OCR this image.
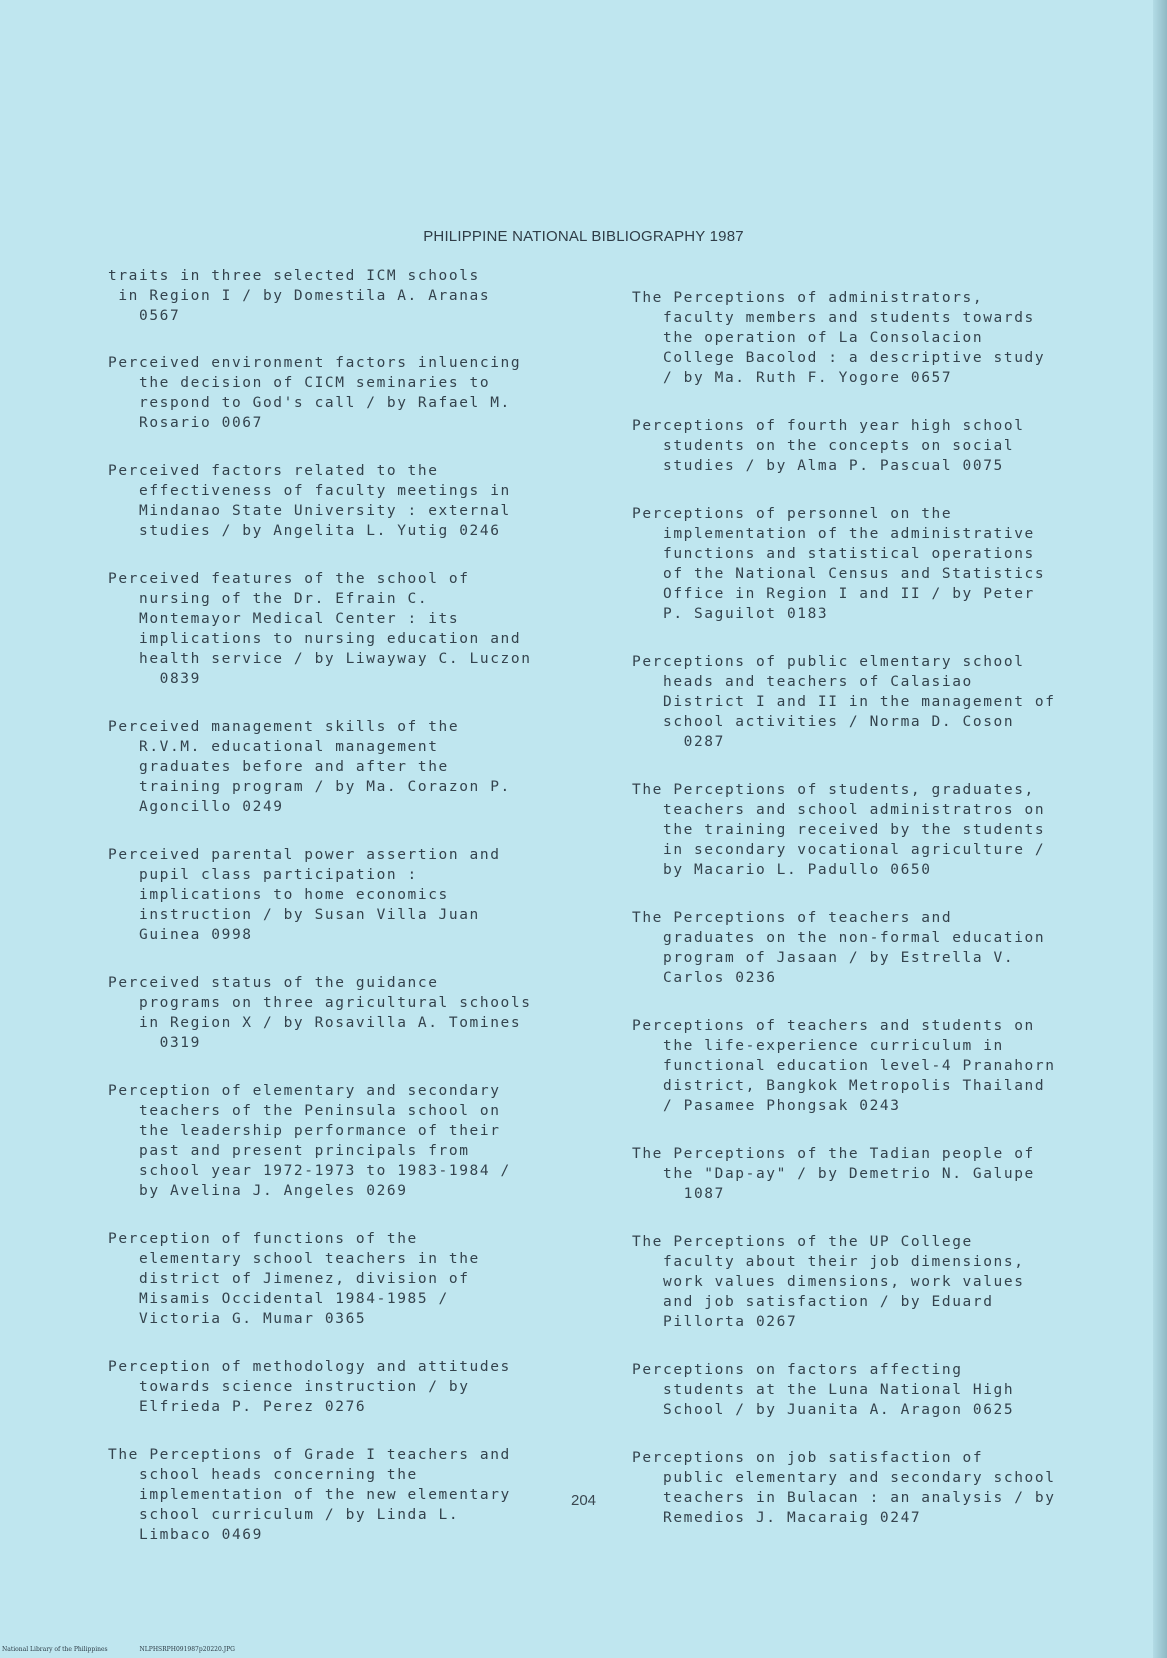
PHILIPPINE NATIONAL BIBLIOGRAPHY 1987
traits in three selected ICM schools
in Region I / by Domestila A. Aranas
0567
Perceived environment factors inluencing
the decision of CICM seminaries to
respond to God's call / by Rafael M.
Rosario 0067
Perceived factors related to the
effectiveness of faculty meetings in
Mindanao State University : external
studies / by Angelita L. Yutig 0246
Perceived features of the school of
nursing of the Dr. Efrain C.
Montemayor Medical Center : its
implications to nursing education and
health service / by Liwayway C. Luczon
0839
Perceived management skills of the
R.V.M. educational management
graduates before and after the
training program / by Ma. Corazon P.
Agoncillo 0249
Perceived parental power assertion and
pupil class participation :
implications to home economics
instruction / by Susan Villa Juan
Guinea 0998
Perceived status of the guidance
programs on three agricultural schools
in Region X / by Rosavilla A. Tomines
0319
Perception of elementary and secondary
teachers of the Peninsula school on
the leadership performance of their
past and present principals from
school year 1972-1973 to 1983-1984 /
by Avelina J. Angeles 0269
Perception of functions of the
elementary school teachers in the
district of Jimenez, division of
Misamis Occidental 1984-1985 /
Victoria G. Mumar 0365
Perception of methodology and attitudes
towards science instruction / by
Elfrieda P. Perez 0276
The Perceptions of Grade I teachers and
school heads concerning the
implementation of the new elementary
school curriculum / by Linda L.
Limbaco 0469
The Perceptions of administrators,
faculty members and students towards
the operation of La Consolacion
College Bacolod : a descriptive study
/ by Ma. Ruth F. Yogore 0657
Perceptions of fourth year high school
students on the concepts on social
studies / by Alma P. Pascual 0075
Perceptions of personnel on the
implementation of the administrative
functions and statistical operations
of the National Census and Statistics
Office in Region I and II / by Peter
P. Saguilot 0183
Perceptions of public elmentary school
heads and teachers of Calasiao
District I and II in the management of
school activities / Norma D. Coson
0287
The Perceptions of students, graduates,
teachers and school administratros on
the training received by the students
in secondary vocational agriculture /
by Macario L. Padullo 0650
The Perceptions of teachers and
graduates on the non-formal education
program of Jasaan / by Estrella V.
Carlos 0236
Perceptions of teachers and students on
the life-experience curriculum in
functional education level-4 Pranahorn
district, Bangkok Metropolis Thailand
/ Pasamee Phongsak 0243
The Perceptions of the Tadian people of
the "Dap-ay" / by Demetrio N. Galupe
1087
The Perceptions of the UP College
faculty about their job dimensions,
work values dimensions, work values
and job satisfaction / by Eduard
Pillorta 0267
Perceptions on factors affecting
students at the Luna National High
School / by Juanita A. Aragon 0625
Perceptions on job satisfaction of
public elementary and secondary school
teachers in Bulacan : an analysis / by
Remedios J. Macaraig 0247
204
National Library of the Philippines	NLPHSRPH091987p20220.JPG
